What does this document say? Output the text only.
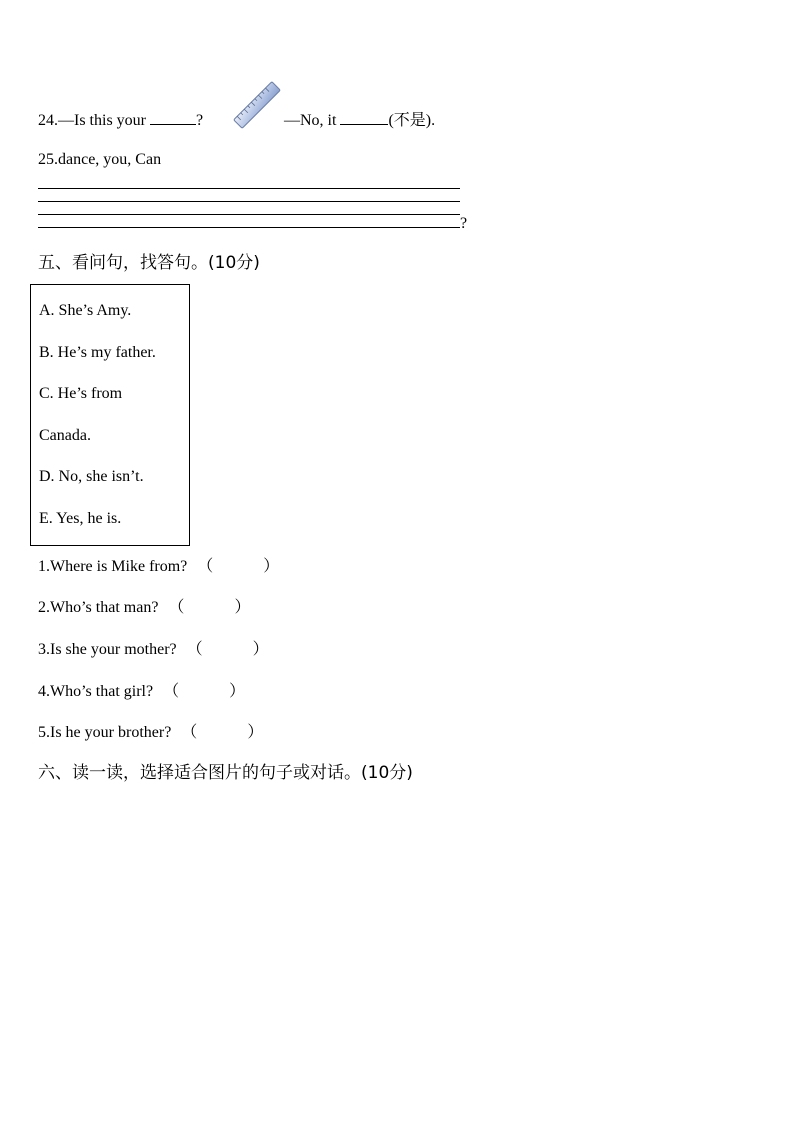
24.—Is this your	?	—No, it	(不是).
25.dance, you, Can
?
五、看问句，找答句。(10分)
A. She’s Amy.
B. He’s my father.
C. He’s from
Canada.
D. No, she isn’t.
E. Yes, he is.
1.Where is Mike from? （	）
2.Who’s that man? （	）
3.Is she your mother? （	）
4.Who’s that girl? （	）
5.Is he your brother? （	）
六、读一读，选择适合图片的句子或对话。(10分)
